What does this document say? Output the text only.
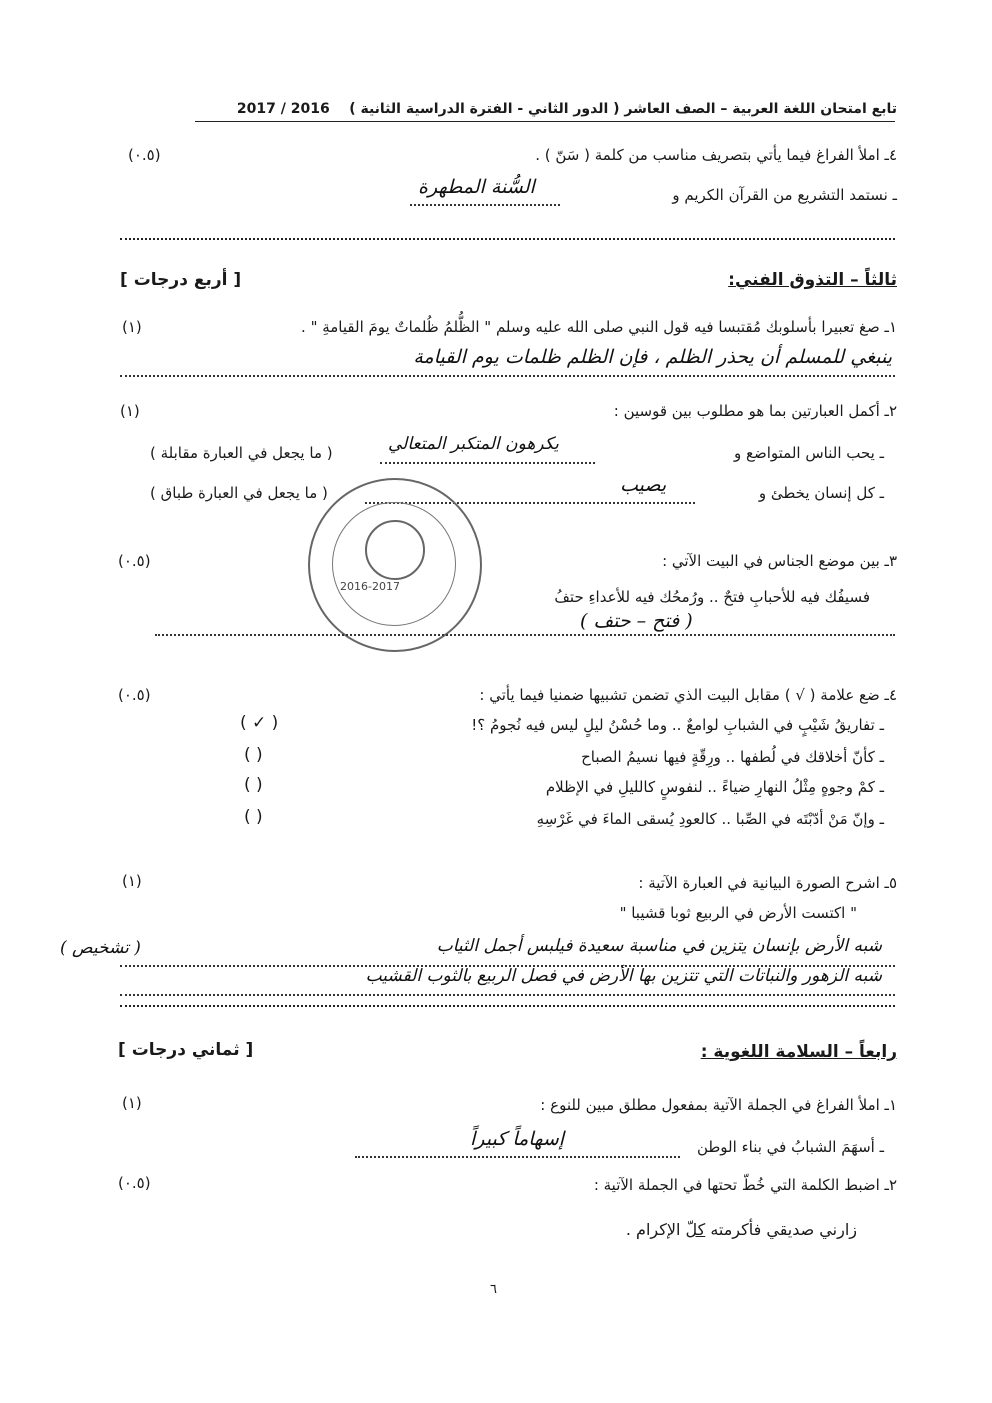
تابع امتحان اللغة العربية – الصف العاشر ( الدور الثاني - الفترة الدراسية الثانية )    2017 / 2016
٤ـ املأ الفراغ فيما يأتي بتصريف مناسب من كلمة ( سَنّ ) .
(٠.٥)
ـ نستمد التشريع من القرآن الكريم و
السُّنة المطهرة
ثالثاً – التذوق الفني:
[ أربع درجات ]
١ـ صغ تعبيرا بأسلوبك مُقتبسا فيه قول النبي صلى الله عليه وسلم " الظُّلمُ ظُلماتٌ يومَ القيامةِ " .
(١)
ينبغي للمسلم أن يحذر الظلم ، فإن الظلم ظلمات يوم القيامة
٢ـ أكمل العبارتين بما هو مطلوب بين قوسين :
(١)
ـ يحب الناس المتواضع و
يكرهون المتكبر المتعالي
( ما يجعل في العبارة مقابلة )
ـ كل إنسان يخطئ و
يصيب
( ما يجعل في العبارة طباق )
2016-2017
٣ـ بين موضع الجناس في البيت الآتي :
(٠.٥)
فسيفُك فيه للأحبابِ فتحٌ .. ورُمحُك فيه للأعداءِ حتفُ
( فتح – حتف )
٤ـ ضع علامة ( √ ) مقابل البيت الذي تضمن تشبيها ضمنيا فيما يأتي :
(٠.٥)
ـ تفاريقُ شَيْبٍ في الشبابِ لوامعٌ .. وما حُسْنُ ليلٍ ليس فيه نُجومُ ؟!
( ✓ )
ـ كأنّ أخلاقك في لُطفها .. ورِقّةٍ فيها نسيمُ الصباح
( )
ـ كمْ وجوهٍ مِثْلُ النهارِ ضياءً .. لنفوسٍ كالليلِ في الإظلام
( )
ـ وإنّ مَنْ أدّبْتَه في الصِّبا .. كالعودِ يُسقى الماءَ في غَرْسِهِ
( )
٥ـ اشرح الصورة البيانية في العبارة الآتية :
(١)
" اكتست الأرض في الربيع ثوبا قشيبا "
شبه الأرض بإنسان يتزين في مناسبة سعيدة فيلبس أجمل الثياب
( تشخيص )
شبه الزهور والنباتات التي تتزين بها الأرض في فصل الربيع بالثوب القشيب
رابعاً – السلامة اللغوية :
[ ثماني درجات ]
١ـ املأ الفراغ في الجملة الآتية بمفعول مطلق مبين للنوع :
(١)
ـ أسهَمَ الشبابُ في بناء الوطن
إسهاماً كبيراً
٢ـ اضبط الكلمة التي خُطّ تحتها في الجملة الآتية :
(٠.٥)
زارني صديقي فأكرمته كلّ الإكرام .
٦
